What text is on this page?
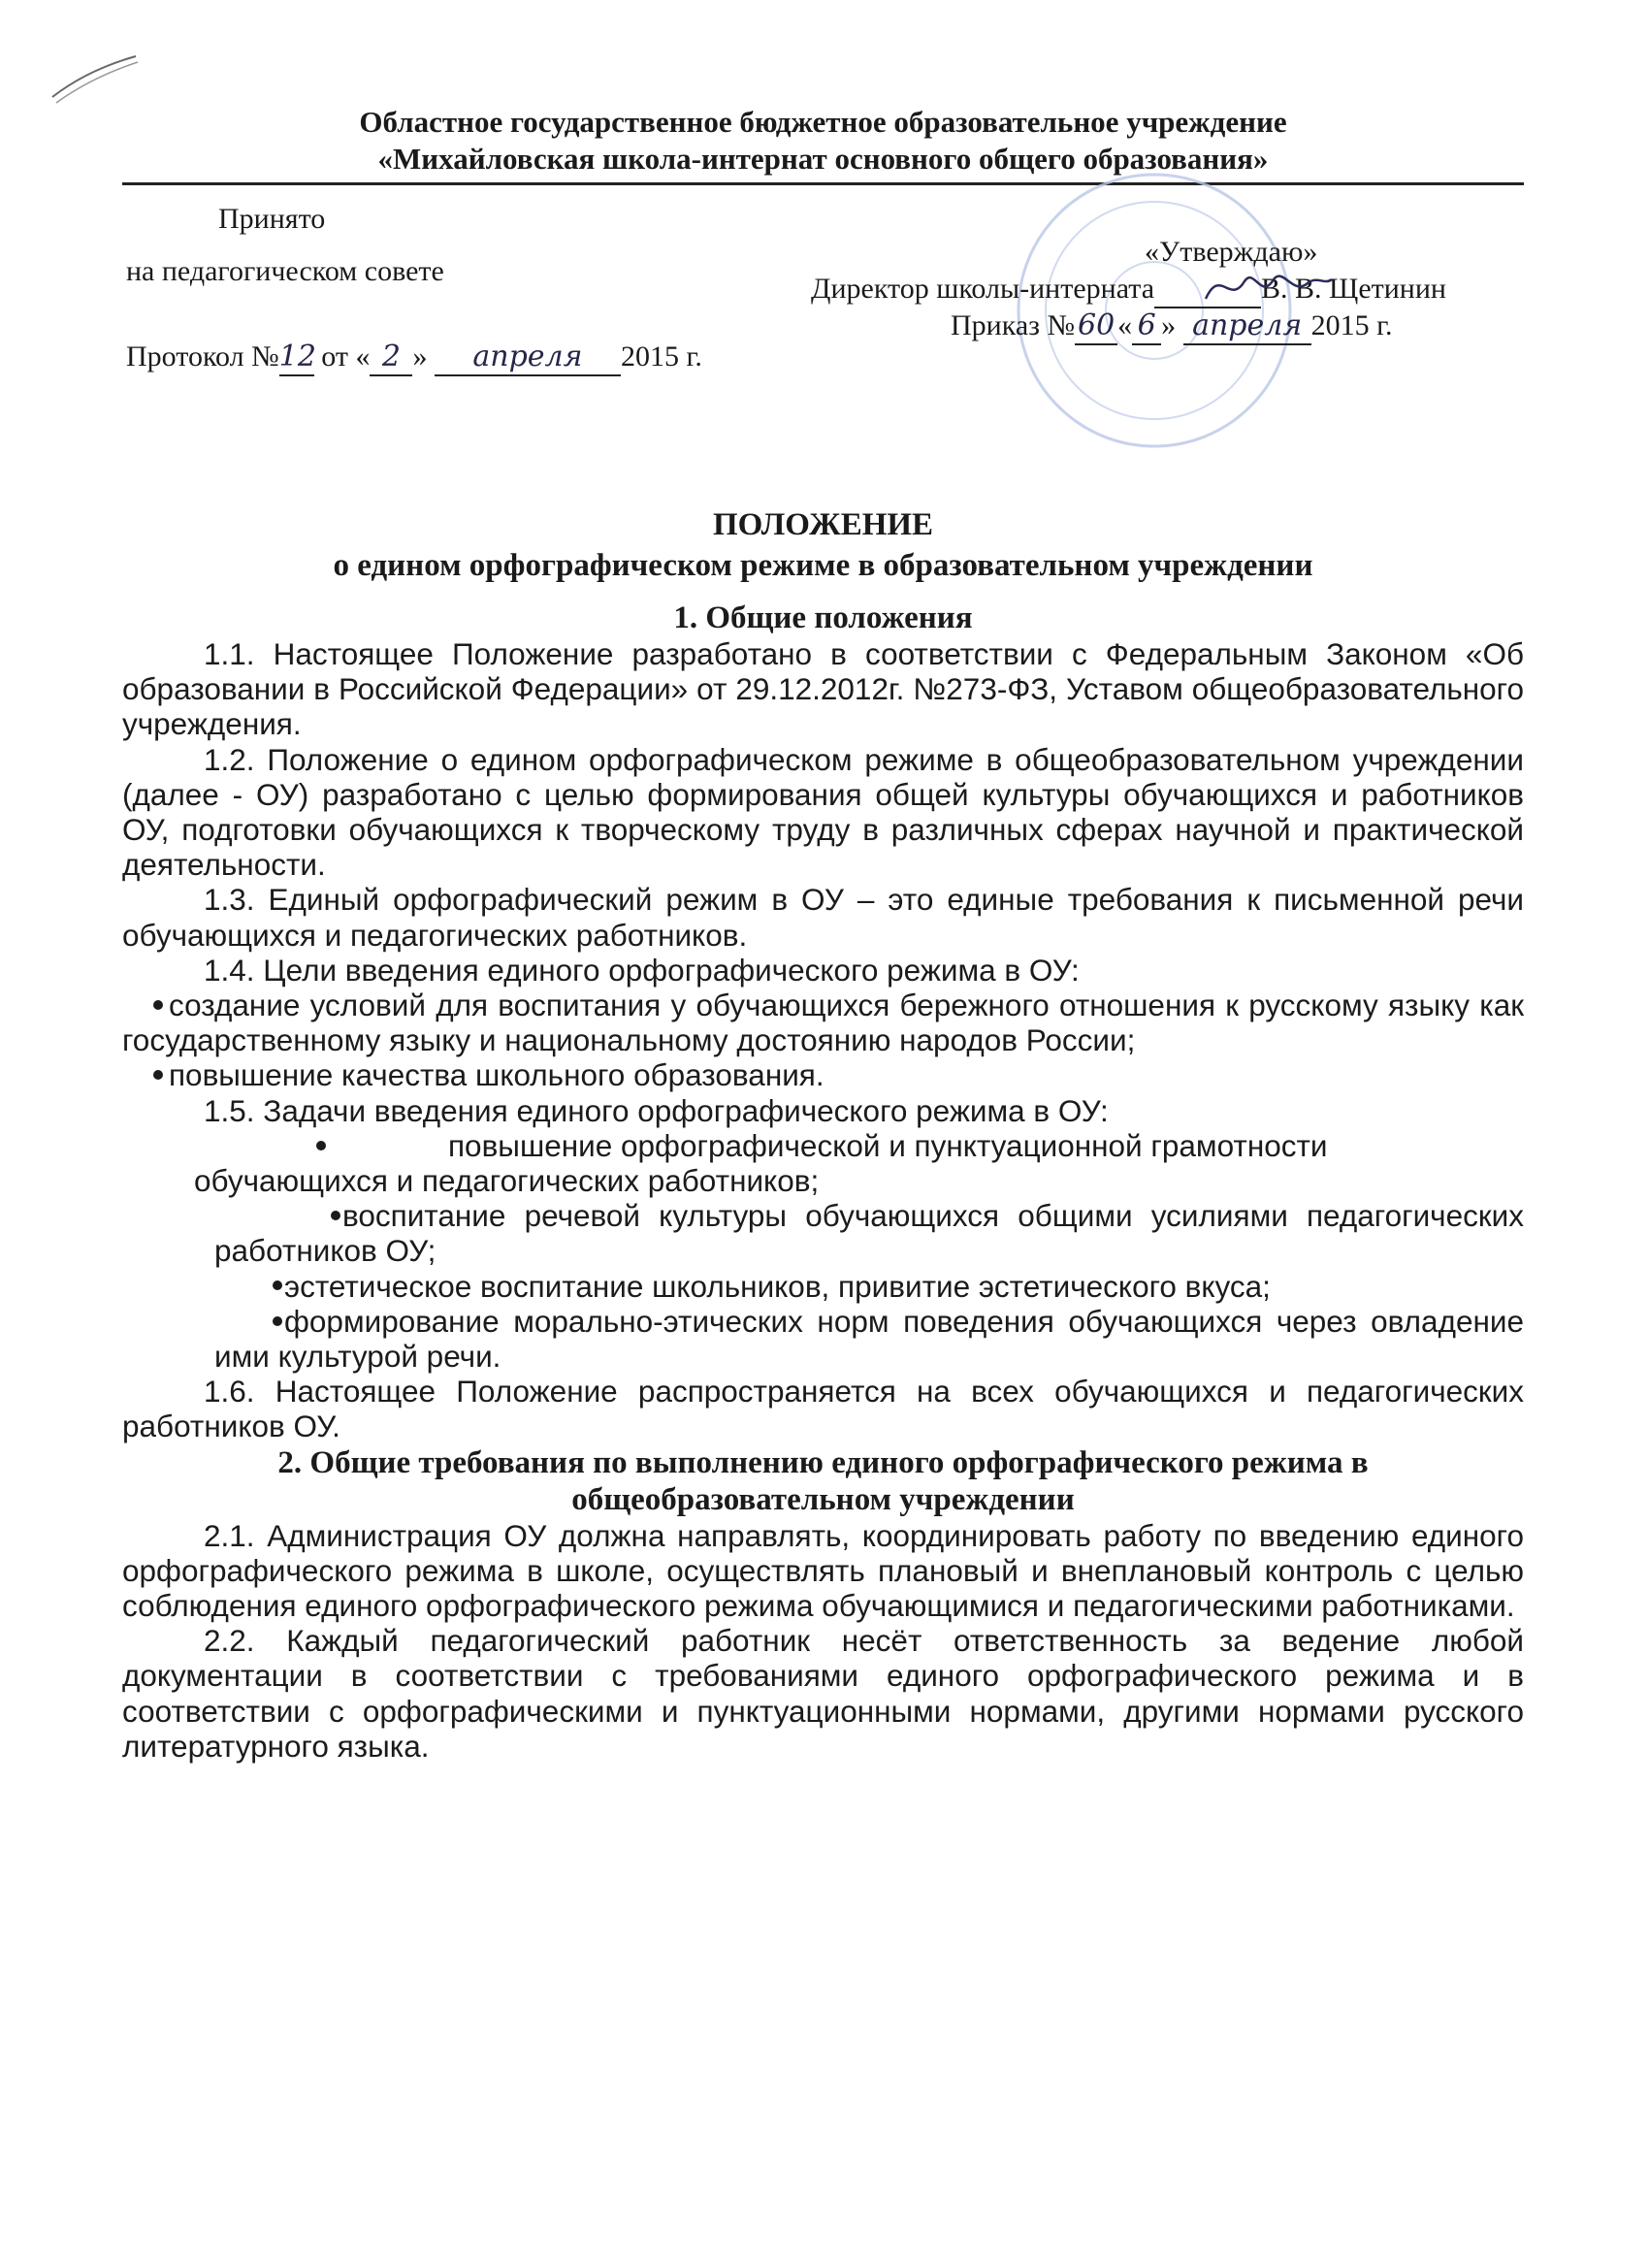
Областное государственное бюджетное образовательное учреждение
«Михайловская школа-интернат основного общего образования»
Принято
на педагогическом совете
Протокол №12 от « 2 » апреля 2015 г.
«Утверждаю»
Директор школы-интерната	В. В. Щетинин
Приказ №60« 6 » апреля 2015 г.
ПОЛОЖЕНИЕ
о едином орфографическом режиме в образовательном учреждении

1. Общие положения

1.1. Настоящее Положение разработано в соответствии с Федеральным Законом «Об образовании в Российской Федерации» от 29.12.2012г. №273-ФЗ, Уставом общеобразовательного учреждения.

1.2. Положение о едином орфографическом режиме в общеобразовательном учреждении (далее - ОУ) разработано с целью формирования общей культуры обучающихся и работников ОУ, подготовки обучающихся к творческому труду в различных сферах научной и практической деятельности.

1.3. Единый орфографический режим в ОУ – это единые требования к письменной речи обучающихся и педагогических работников.

1.4. Цели введения единого орфографического режима в ОУ:

создание условий для воспитания у обучающихся бережного отношения к русскому языку как государственному языку и национальному достоянию народов России;

повышение качества школьного образования.

1.5. Задачи введения единого орфографического режима в ОУ:

повышение орфографической и пунктуационной грамотности

обучающихся и педагогических работников;

воспитание речевой культуры обучающихся общими усилиями педагогических работников ОУ;

эстетическое воспитание школьников, привитие эстетического вкуса;

формирование морально-этических норм поведения обучающихся через овладение ими культурой речи.

1.6. Настоящее Положение распространяется на всех обучающихся и педагогических работников ОУ.

2. Общие требования по выполнению единого орфографического режима в

общеобразовательном учреждении

2.1. Администрация ОУ должна направлять, координировать работу по введению единого орфографического режима в школе, осуществлять плановый и внеплановый контроль с целью соблюдения единого орфографического режима обучающимися и педагогическими работниками.

2.2. Каждый педагогический работник несёт ответственность за ведение любой документации в соответствии с требованиями единого орфографического режима и в соответствии с орфографическими и пунктуационными нормами, другими нормами русского литературного языка.
